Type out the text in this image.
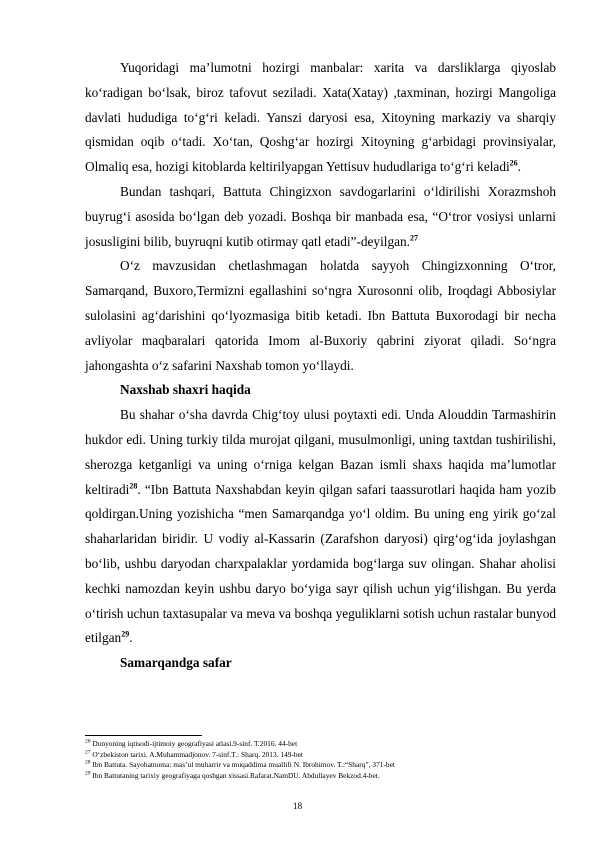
Yuqoridagi ma’lumotni hozirgi manbalar: xarita va darsliklarga qiyoslab ko‘radigan bo‘lsak, biroz tafovut seziladi. Xata(Xatay) ,taxminan, hozirgi Mangoliga davlati hududiga to‘g‘ri keladi. Yanszi daryosi esa, Xitoyning markaziy va sharqiy qismidan oqib o‘tadi. Xo‘tan, Qoshg‘ar hozirgi Xitoyning g‘arbidagi provinsiyalar, Olmaliq esa, hozigi kitoblarda keltirilyapgan Yettisuv hududlariga to‘g‘ri keladi$^{26}$.

Bundan tashqari, Battuta Chingizxon savdogarlarini o‘ldirilishi Xorazmshoh buyrug‘i asosida bo‘lgan deb yozadi. Boshqa bir manbada esa, “O‘tror vosiysi unlarni josusligini bilib, buyruqni kutib otirmay qatl etadi”-deyilgan.$^{27}$

O‘z mavzusidan chetlashmagan holatda sayyoh Chingizxonning O‘tror, Samarqand, Buxoro,Termizni egallashini so‘ngra Xurosonni olib, Iroqdagi Abbosiylar sulolasini ag‘darishini qo‘lyozmasiga bitib ketadi. Ibn Battuta Buxorodagi bir necha avliyolar maqbaralari qatorida Imom al-Buxoriy qabrini ziyorat qiladi. So‘ngra jahongashta o‘z safarini Naxshab tomon yo‘llaydi.

Naxshab shaxri haqida

Bu shahar o‘sha davrda Chig‘toy ulusi poytaxti edi. Unda Alouddin Tarmashirin hukdor edi. Uning turkiy tilda murojat qilgani, musulmonligi, uning taxtdan tushirilishi, sherozga ketganligi va uning o‘rniga kelgan Bazan ismli shaxs haqida ma’lumotlar keltiradi$^{28}$. “Ibn Battuta Naxshabdan keyin qilgan safari taassurotlari haqida ham yozib qoldirgan.Uning yozishicha “men Samarqandga yo‘l oldim. Bu uning eng yirik go‘zal shaharlaridan biridir. U vodiy al-Kassarin (Zarafshon daryosi) qirg‘og‘ida joylashgan bo‘lib, ushbu daryodan charxpalaklar yordamida bog‘larga suv olingan. Shahar aholisi kechki namozdan keyin ushbu daryo bo‘yiga sayr qilish uchun yig‘ilishgan. Bu yerda o‘tirish uchun taxtasupalar va meva va boshqa yeguliklarni sotish uchun rastalar bunyod etilgan$^{29}$.

Samarqandga safar

$^{26}$ Dunyoning iqtisodi-ijtimoiy geografiyasi atlasi.9-sinf. T.2016. 44-bet

$^{27}$ O‘zbekiston tarixi. A.Muhammadjonov. 7-sinf.T.: Sharq. 2013. 149-bet

$^{28}$ Ibn Battuta. Sayohatnoma: mas’ul muharrir va muqaddima muallifi N. Ibrohimov. T.:“Sharq”, 371-bet

$^{29}$ Ibn Battutaning tarixiy geografiyaga qoshgan xissasi.Rafarat.NamDU. Abdullayev Bekzod.4-bet.

18
